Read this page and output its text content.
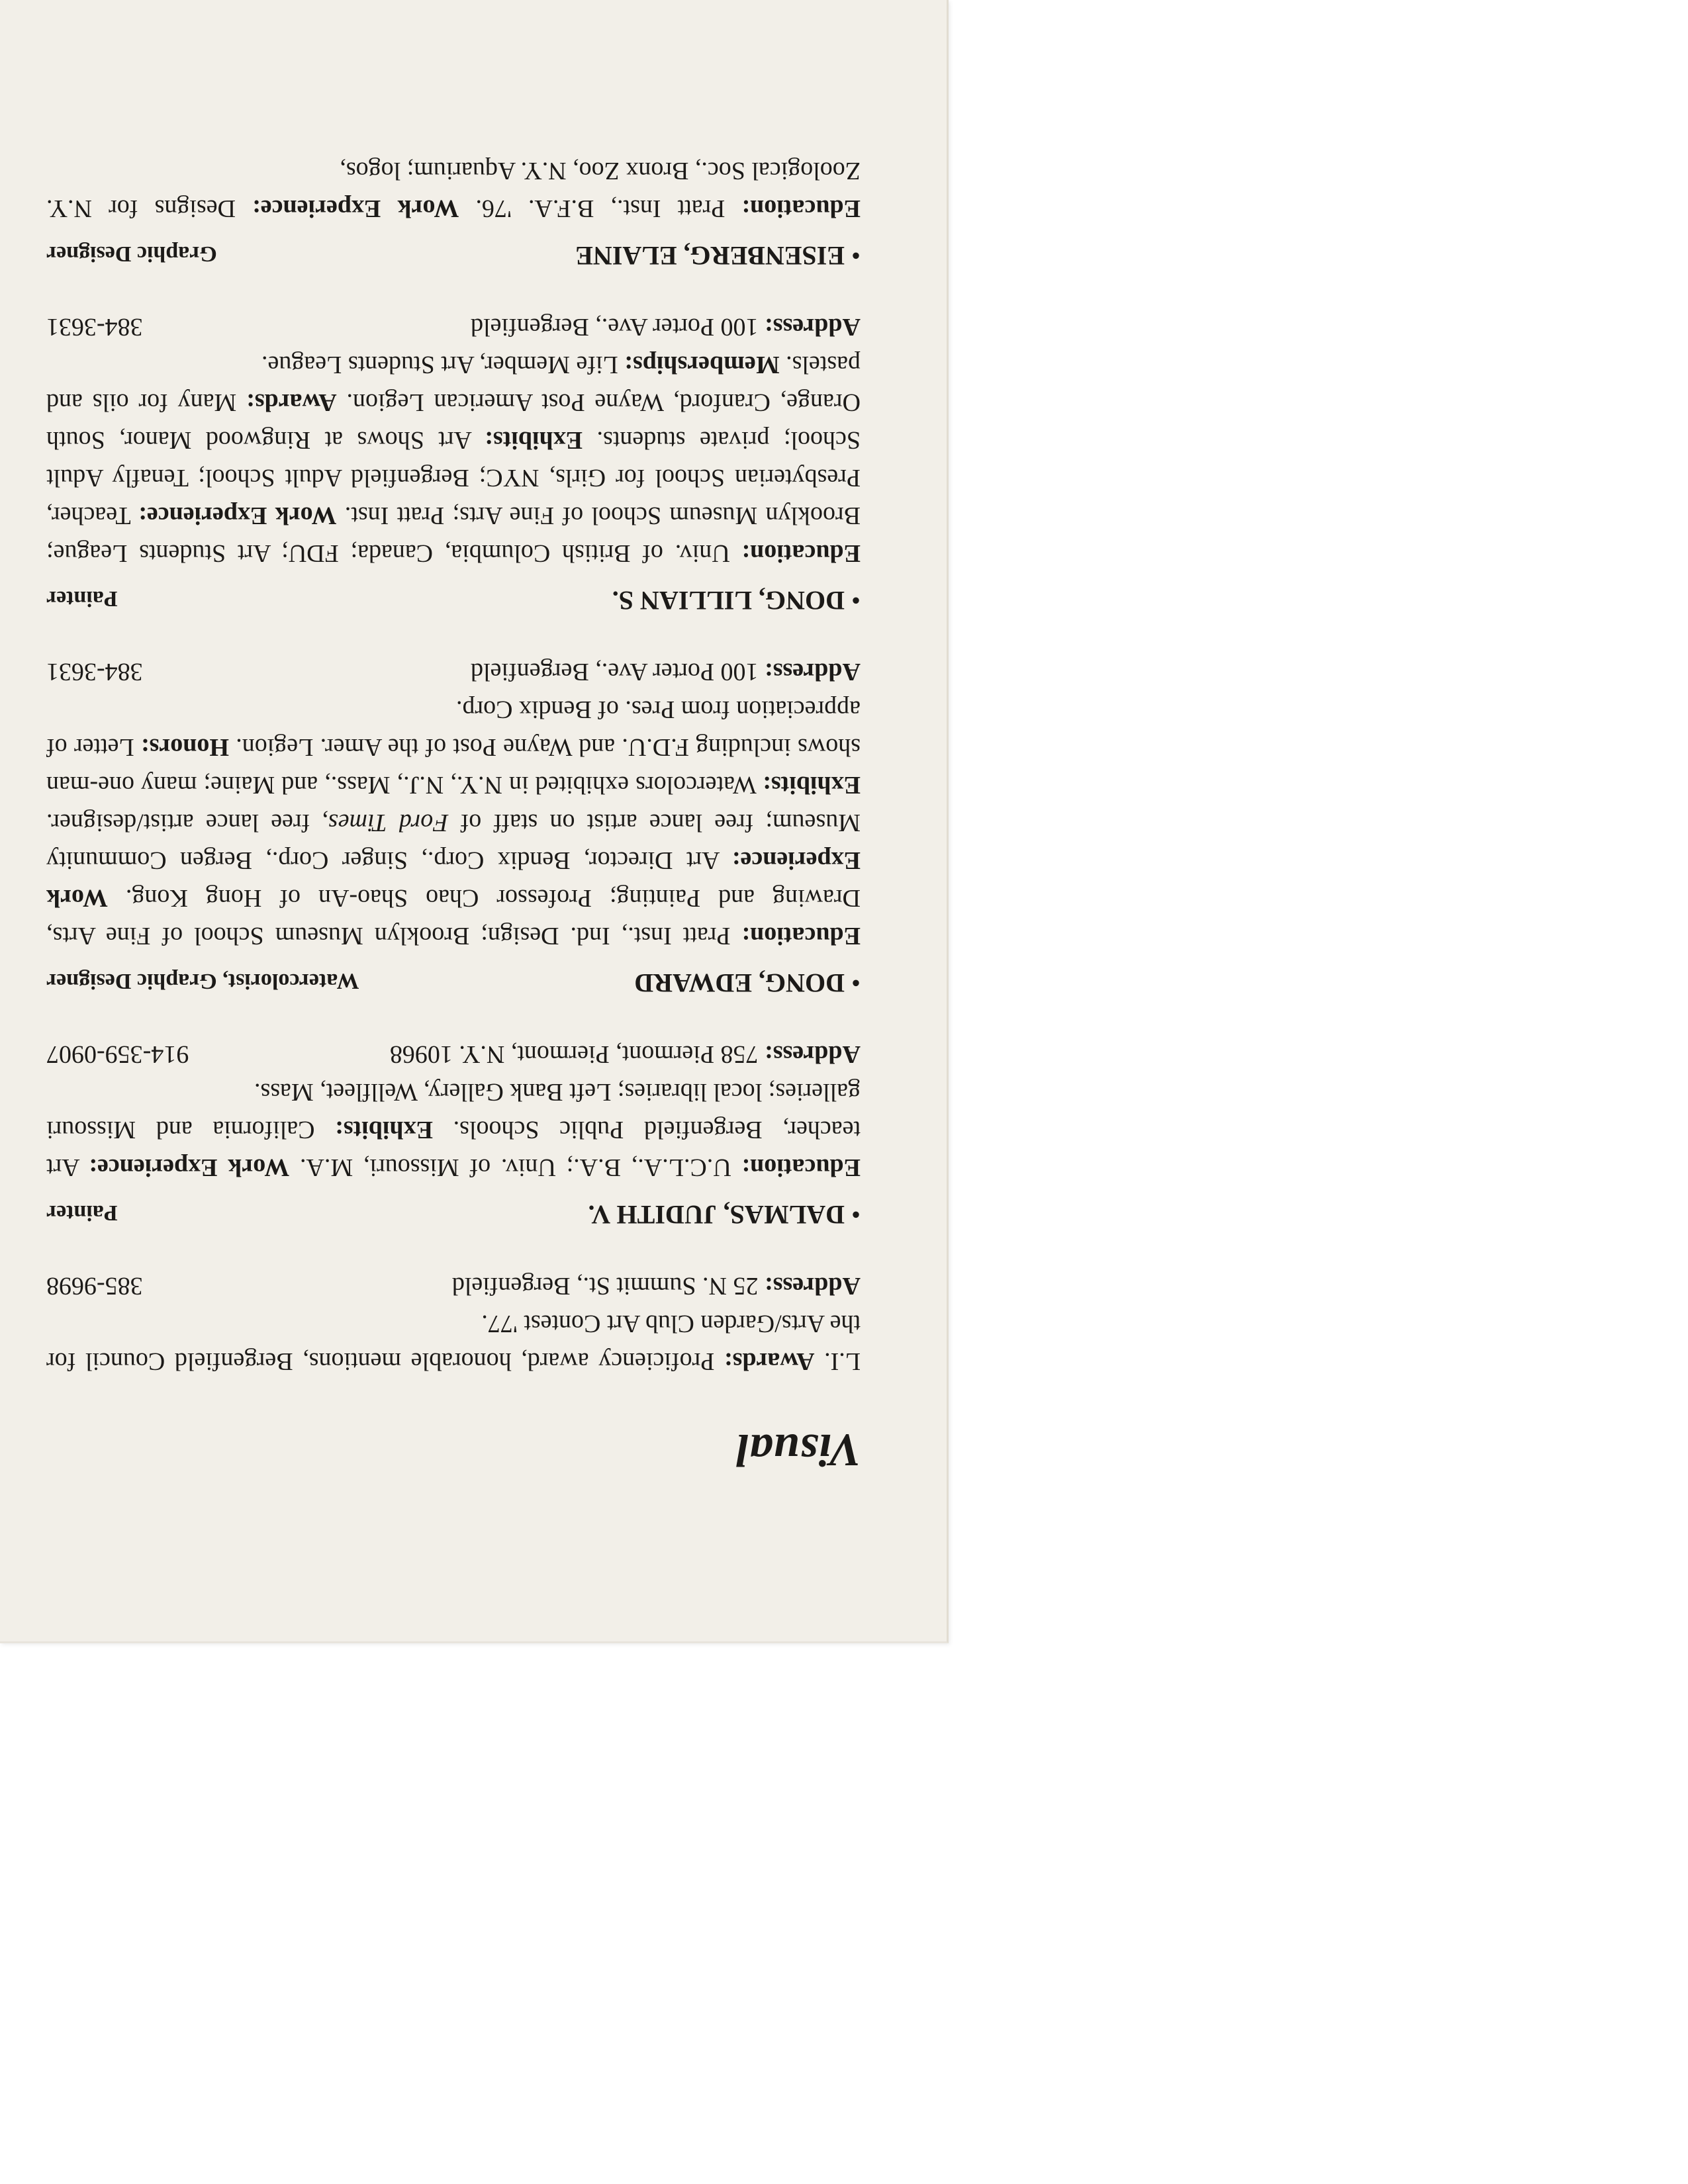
Visual

L.I. Awards: Proficiency award, honorable mentions, Bergenfield Council for the Arts/Garden Club Art Contest '77.

Address: 25 N. Summit St., Bergenfield
385-9698
•DALMAS, JUDITH V.
Painter

Education: U.C.L.A., B.A.; Univ. of Missouri, M.A. Work Experience: Art teacher, Bergenfield Public Schools. Exhibits: California and Missouri galleries; local libraries; Left Bank Gallery, Wellfleet, Mass.

Address: 758 Piermont, Piermont, N.Y. 10968
914-359-0907
•DONG, EDWARD
Watercolorist, Graphic Designer

Education: Pratt Inst., Ind. Design; Brooklyn Museum School of Fine Arts, Drawing and Painting; Professor Chao Shao-An of Hong Kong. Work Experience: Art Director, Bendix Corp., Singer Corp., Bergen Community Museum; free lance artist on staff of Ford Times, free lance artist/designer. Exhibits: Watercolors exhibited in N.Y., N.J., Mass., and Maine; many one-man shows including F.D.U. and Wayne Post of the Amer. Legion. Honors: Letter of appreciation from Pres. of Bendix Corp.

Address: 100 Porter Ave., Bergenfield
384-3631
•DONG, LILLIAN S.
Painter

Education: Univ. of British Columbia, Canada; FDU; Art Students League; Brooklyn Museum School of Fine Arts; Pratt Inst. Work Experience: Teacher, Presbyterian School for Girls, NYC; Bergenfield Adult School; Tenafly Adult School; private students. Exhibits: Art Shows at Ringwood Manor, South Orange, Cranford, Wayne Post American Legion. Awards: Many for oils and pastels. Memberships: Life Member, Art Students League.

Address: 100 Porter Ave., Bergenfield
384-3631
•EISENBERG, ELAINE
Graphic Designer

Education: Pratt Inst., B.F.A. '76. Work Experience: Designs for N.Y. Zoological Soc., Bronx Zoo, N.Y. Aquarium; logos,
